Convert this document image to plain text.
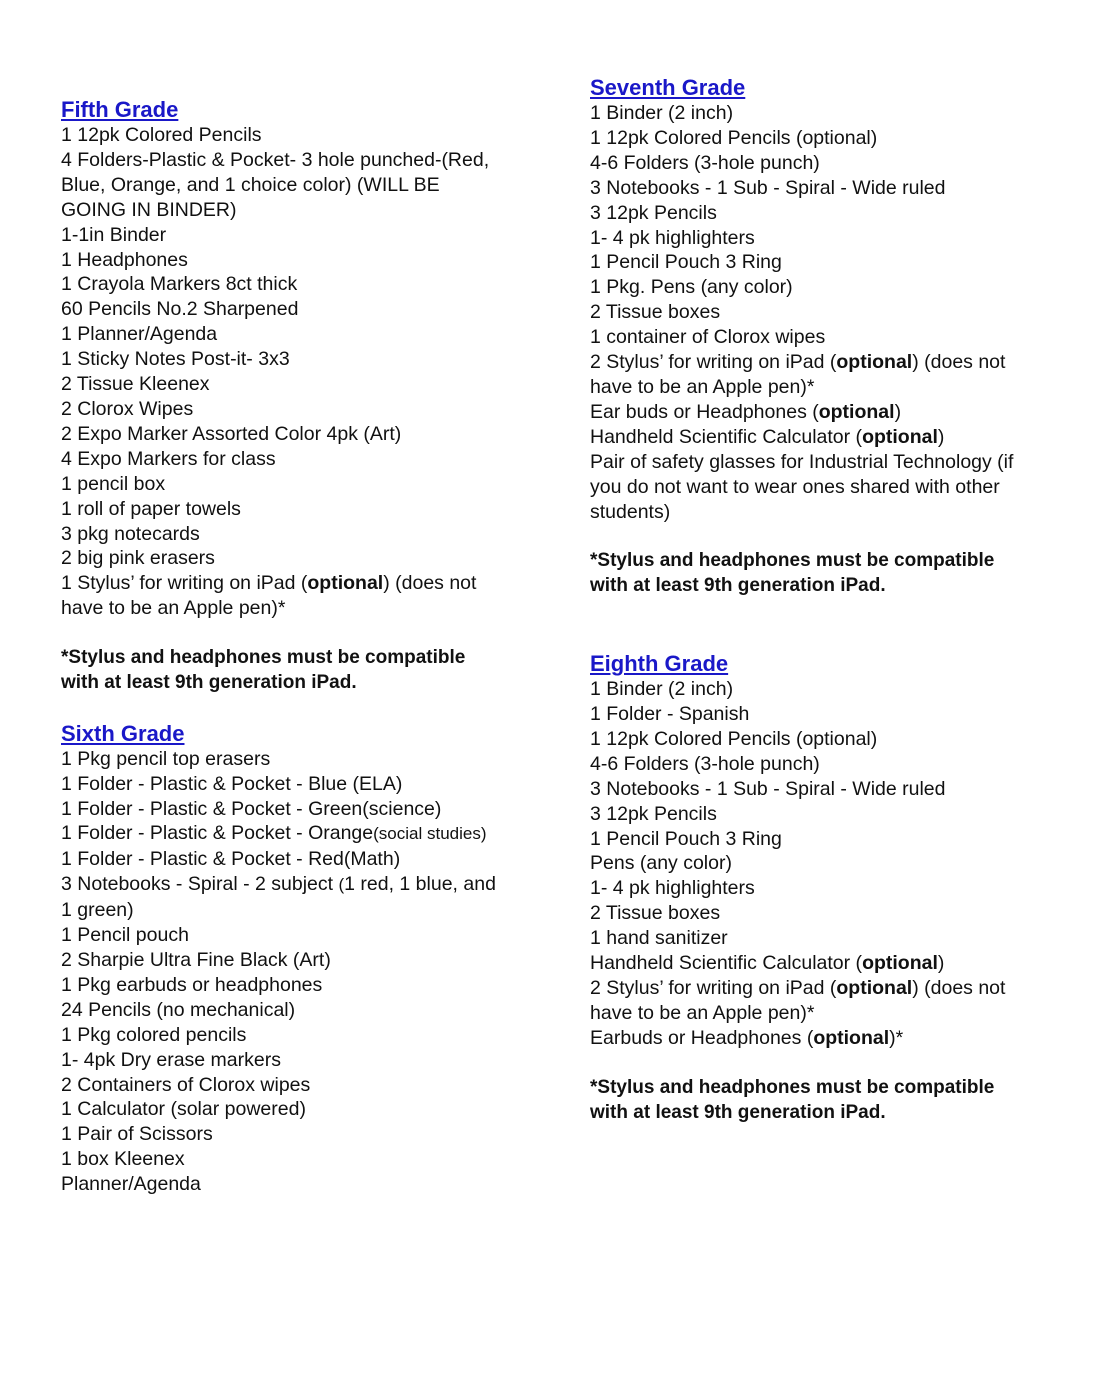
Fifth Grade

1 12pk Colored Pencils

4 Folders-Plastic & Pocket- 3 hole punched-(Red,

Blue, Orange, and 1 choice color) (WILL BE

GOING IN BINDER)

1-1in Binder

1 Headphones

1 Crayola Markers 8ct thick

60 Pencils No.2 Sharpened

1 Planner/Agenda

1 Sticky Notes Post-it- 3x3

2 Tissue Kleenex

2 Clorox Wipes

2 Expo Marker Assorted Color 4pk (Art)

4 Expo Markers for class

1 pencil box

1 roll of paper towels

3 pkg notecards

2 big pink erasers

1 Stylus’ for writing on iPad (optional) (does not

have to be an Apple pen)*

*Stylus and headphones must be compatible

with at least 9th generation iPad.

Sixth Grade

1 Pkg pencil top erasers

1 Folder - Plastic & Pocket - Blue (ELA)

1 Folder - Plastic & Pocket - Green(science)

1 Folder - Plastic & Pocket - Orange(social studies)

1 Folder - Plastic & Pocket - Red(Math)

3 Notebooks - Spiral - 2 subject (1 red, 1 blue, and

1 green)

1 Pencil pouch

2 Sharpie Ultra Fine Black (Art)

1 Pkg earbuds or headphones

24 Pencils (no mechanical)

1 Pkg colored pencils

1- 4pk Dry erase markers

2 Containers of Clorox wipes

1 Calculator (solar powered)

1 Pair of Scissors

1 box Kleenex

Planner/Agenda

Seventh Grade

1 Binder (2 inch)

1 12pk Colored Pencils (optional)

4-6 Folders (3-hole punch)

3 Notebooks - 1 Sub - Spiral - Wide ruled

3 12pk Pencils

1- 4 pk highlighters

1 Pencil Pouch 3 Ring

1 Pkg. Pens (any color)

2 Tissue boxes

1 container of Clorox wipes

2 Stylus’ for writing on iPad (optional) (does not

have to be an Apple pen)*

Ear buds or Headphones (optional)

Handheld Scientific Calculator (optional)

Pair of safety glasses for Industrial Technology (if

you do not want to wear ones shared with other

students)

*Stylus and headphones must be compatible

with at least 9th generation iPad.

Eighth Grade

1 Binder (2 inch)

1 Folder - Spanish

1 12pk Colored Pencils (optional)

4-6 Folders (3-hole punch)

3 Notebooks - 1 Sub - Spiral - Wide ruled

3 12pk Pencils

1 Pencil Pouch 3 Ring

Pens (any color)

1- 4 pk highlighters

2 Tissue boxes

1 hand sanitizer

Handheld Scientific Calculator (optional)

2 Stylus’ for writing on iPad (optional) (does not

have to be an Apple pen)*

Earbuds or Headphones (optional)*

*Stylus and headphones must be compatible

with at least 9th generation iPad.
